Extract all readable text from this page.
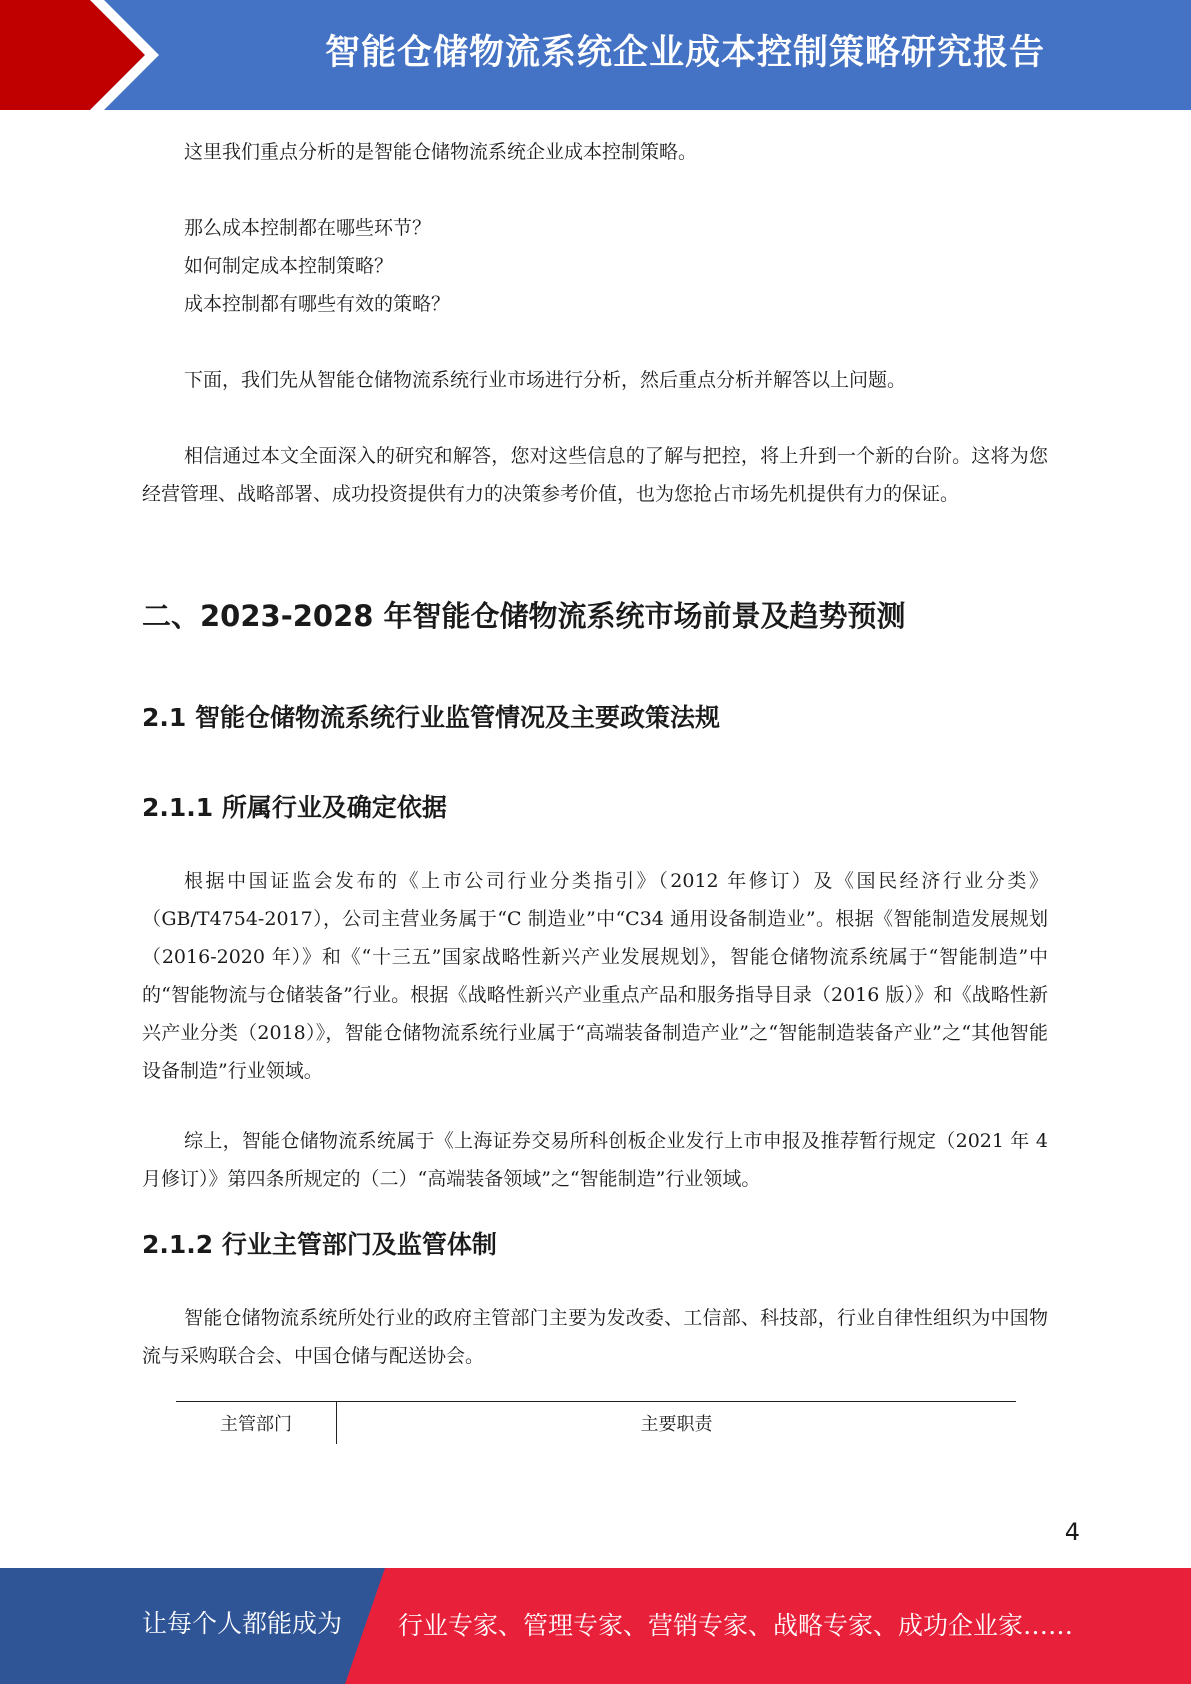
智能仓储物流系统企业成本控制策略研究报告

这里我们重点分析的是智能仓储物流系统企业成本控制策略。

那么成本控制都在哪些环节？

如何制定成本控制策略？

成本控制都有哪些有效的策略？

下面，我们先从智能仓储物流系统行业市场进行分析，然后重点分析并解答以上问题。

相信通过本文全面深入的研究和解答，您对这些信息的了解与把控，将上升到一个新的台阶。这将为您经营管理、战略部署、成功投资提供有力的决策参考价值，也为您抢占市场先机提供有力的保证。

二、2023-2028 年智能仓储物流系统市场前景及趋势预测
2.1 智能仓储物流系统行业监管情况及主要政策法规
2.1.1 所属行业及确定依据

根据中国证监会发布的《上市公司行业分类指引》（2012 年修订）及《国民经济行业分类》（GB/T4754-2017），公司主营业务属于“C 制造业”中“C34 通用设备制造业”。根据《智能制造发展规划（2016-2020 年）》和《“十三五”国家战略性新兴产业发展规划》，智能仓储物流系统属于“智能制造”中的“智能物流与仓储装备”行业。根据《战略性新兴产业重点产品和服务指导目录（2016 版）》和《战略性新兴产业分类（2018）》，智能仓储物流系统行业属于“高端装备制造产业”之“智能制造装备产业”之“其他智能设备制造”行业领域。

综上，智能仓储物流系统属于《上海证券交易所科创板企业发行上市申报及推荐暂行规定（2021 年 4 月修订）》第四条所规定的（二）“高端装备领域”之“智能制造”行业领域。

2.1.2 行业主管部门及监管体制

智能仓储物流系统所处行业的政府主管部门主要为发改委、工信部、科技部，行业自律性组织为中国物流与采购联合会、中国仓储与配送协会。

主管部门	主要职责
4
让每个人都能成为 行业专家、管理专家、营销专家、战略专家、成功企业家……
